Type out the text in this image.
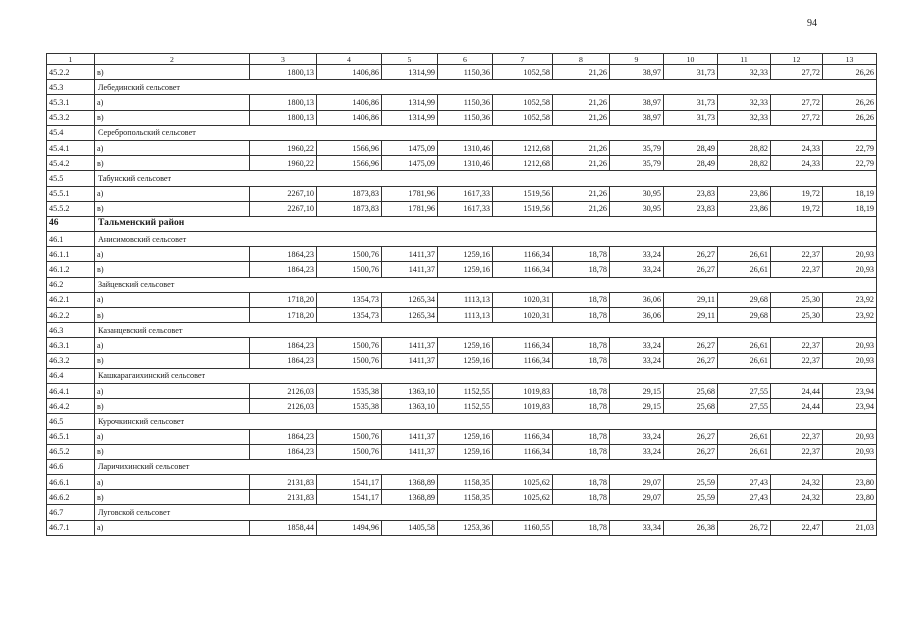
94
1	2	3	4	5	6	7	8	9	10	11	12	13
45.2.2	в)	1800,13	1406,86	1314,99	1150,36	1052,58	21,26	38,97	31,73	32,33	27,72	26,26
45.3	Лебединский сельсовет											
45.3.1	а)	1800,13	1406,86	1314,99	1150,36	1052,58	21,26	38,97	31,73	32,33	27,72	26,26
45.3.2	в)	1800,13	1406,86	1314,99	1150,36	1052,58	21,26	38,97	31,73	32,33	27,72	26,26
45.4	Серебропольский сельсовет											
45.4.1	а)	1960,22	1566,96	1475,09	1310,46	1212,68	21,26	35,79	28,49	28,82	24,33	22,79
45.4.2	в)	1960,22	1566,96	1475,09	1310,46	1212,68	21,26	35,79	28,49	28,82	24,33	22,79
45.5	Табунский сельсовет											
45.5.1	а)	2267,10	1873,83	1781,96	1617,33	1519,56	21,26	30,95	23,83	23,86	19,72	18,19
45.5.2	в)	2267,10	1873,83	1781,96	1617,33	1519,56	21,26	30,95	23,83	23,86	19,72	18,19
46	Тальменский район											
46.1	Анисимовский сельсовет											
46.1.1	а)	1864,23	1500,76	1411,37	1259,16	1166,34	18,78	33,24	26,27	26,61	22,37	20,93
46.1.2	в)	1864,23	1500,76	1411,37	1259,16	1166,34	18,78	33,24	26,27	26,61	22,37	20,93
46.2	Зайцевский сельсовет											
46.2.1	а)	1718,20	1354,73	1265,34	1113,13	1020,31	18,78	36,06	29,11	29,68	25,30	23,92
46.2.2	в)	1718,20	1354,73	1265,34	1113,13	1020,31	18,78	36,06	29,11	29,68	25,30	23,92
46.3	Казанцевский сельсовет											
46.3.1	а)	1864,23	1500,76	1411,37	1259,16	1166,34	18,78	33,24	26,27	26,61	22,37	20,93
46.3.2	в)	1864,23	1500,76	1411,37	1259,16	1166,34	18,78	33,24	26,27	26,61	22,37	20,93
46.4	Кашкарагаихинский сельсовет											
46.4.1	а)	2126,03	1535,38	1363,10	1152,55	1019,83	18,78	29,15	25,68	27,55	24,44	23,94
46.4.2	в)	2126,03	1535,38	1363,10	1152,55	1019,83	18,78	29,15	25,68	27,55	24,44	23,94
46.5	Курочкинский сельсовет											
46.5.1	а)	1864,23	1500,76	1411,37	1259,16	1166,34	18,78	33,24	26,27	26,61	22,37	20,93
46.5.2	в)	1864,23	1500,76	1411,37	1259,16	1166,34	18,78	33,24	26,27	26,61	22,37	20,93
46.6	Ларичихинский сельсовет											
46.6.1	а)	2131,83	1541,17	1368,89	1158,35	1025,62	18,78	29,07	25,59	27,43	24,32	23,80
46.6.2	в)	2131,83	1541,17	1368,89	1158,35	1025,62	18,78	29,07	25,59	27,43	24,32	23,80
46.7	Луговской сельсовет											
46.7.1	а)	1858,44	1494,96	1405,58	1253,36	1160,55	18,78	33,34	26,38	26,72	22,47	21,03
